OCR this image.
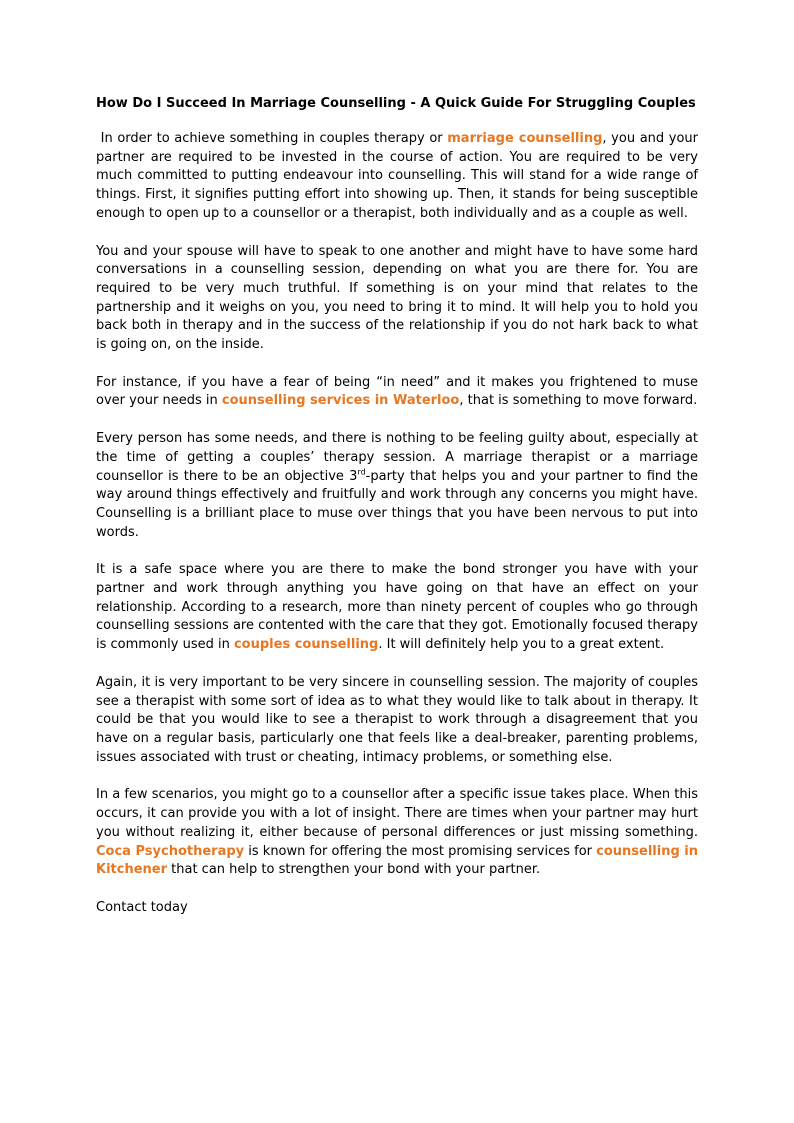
How Do I Succeed In Marriage Counselling - A Quick Guide For Struggling Couples

In order to achieve something in couples therapy or marriage counselling, you and your partner are required to be invested in the course of action. You are required to be very much committed to putting endeavour into counselling. This will stand for a wide range of things. First, it signifies putting effort into showing up. Then, it stands for being susceptible enough to open up to a counsellor or a therapist, both individually and as a couple as well.

You and your spouse will have to speak to one another and might have to have some hard conversations in a counselling session, depending on what you are there for. You are required to be very much truthful. If something is on your mind that relates to the partnership and it weighs on you, you need to bring it to mind. It will help you to hold you back both in therapy and in the success of the relationship if you do not hark back to what is going on, on the inside.

For instance, if you have a fear of being “in need” and it makes you frightened to muse over your needs in counselling services in Waterloo, that is something to move forward.

Every person has some needs, and there is nothing to be feeling guilty about, especially at the time of getting a couples’ therapy session. A marriage therapist or a marriage counsellor is there to be an objective 3rd-party that helps you and your partner to find the way around things effectively and fruitfully and work through any concerns you might have. Counselling is a brilliant place to muse over things that you have been nervous to put into words.

It is a safe space where you are there to make the bond stronger you have with your partner and work through anything you have going on that have an effect on your relationship. According to a research, more than ninety percent of couples who go through counselling sessions are contented with the care that they got. Emotionally focused therapy is commonly used in couples counselling. It will definitely help you to a great extent.

Again, it is very important to be very sincere in counselling session. The majority of couples see a therapist with some sort of idea as to what they would like to talk about in therapy. It could be that you would like to see a therapist to work through a disagreement that you have on a regular basis, particularly one that feels like a deal-breaker, parenting problems, issues associated with trust or cheating, intimacy problems, or something else.

In a few scenarios, you might go to a counsellor after a specific issue takes place. When this occurs, it can provide you with a lot of insight. There are times when your partner may hurt you without realizing it, either because of personal differences or just missing something. Coca Psychotherapy is known for offering the most promising services for counselling in Kitchener that can help to strengthen your bond with your partner.

Contact today
